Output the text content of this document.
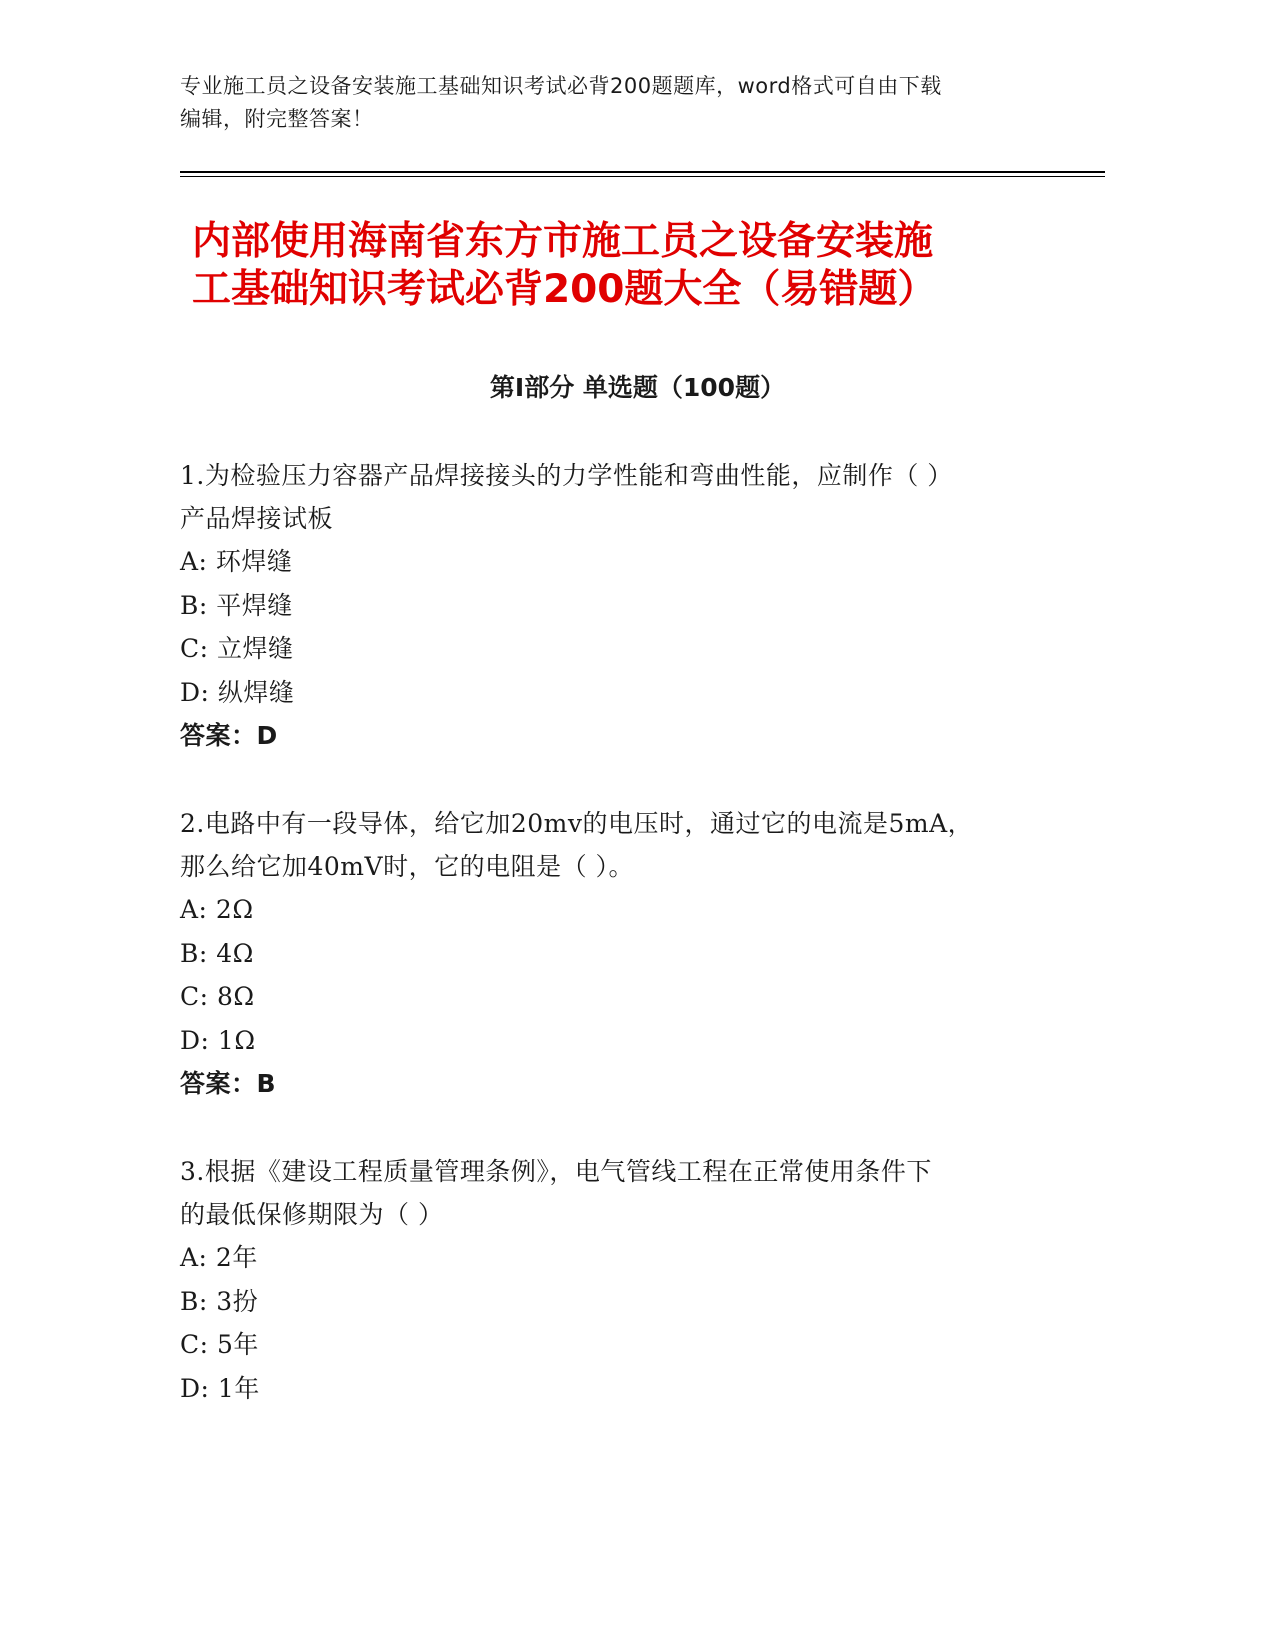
专业施工员之设备安装施工基础知识考试必背200题题库，word格式可自由下载
编辑，附完整答案！
内部使用海南省东方市施工员之设备安装施
工基础知识考试必背200题大全（易错题）
第Ⅰ部分 单选题（100题）
1.为检验压力容器产品焊接接头的力学性能和弯曲性能，应制作（ ）
产品焊接试板
A: 环焊缝
B: 平焊缝
C: 立焊缝
D: 纵焊缝
答案：D
2.电路中有一段导体，给它加20mv的电压时，通过它的电流是5mA，
那么给它加40mV时，它的电阻是（ ）。
A: 2Ω
B: 4Ω
C: 8Ω
D: 1Ω
答案：B
3.根据《建设工程质量管理条例》，电气管线工程在正常使用条件下
的最低保修期限为（ ）
A: 2年
B: 3扮
C: 5年
D: 1年
